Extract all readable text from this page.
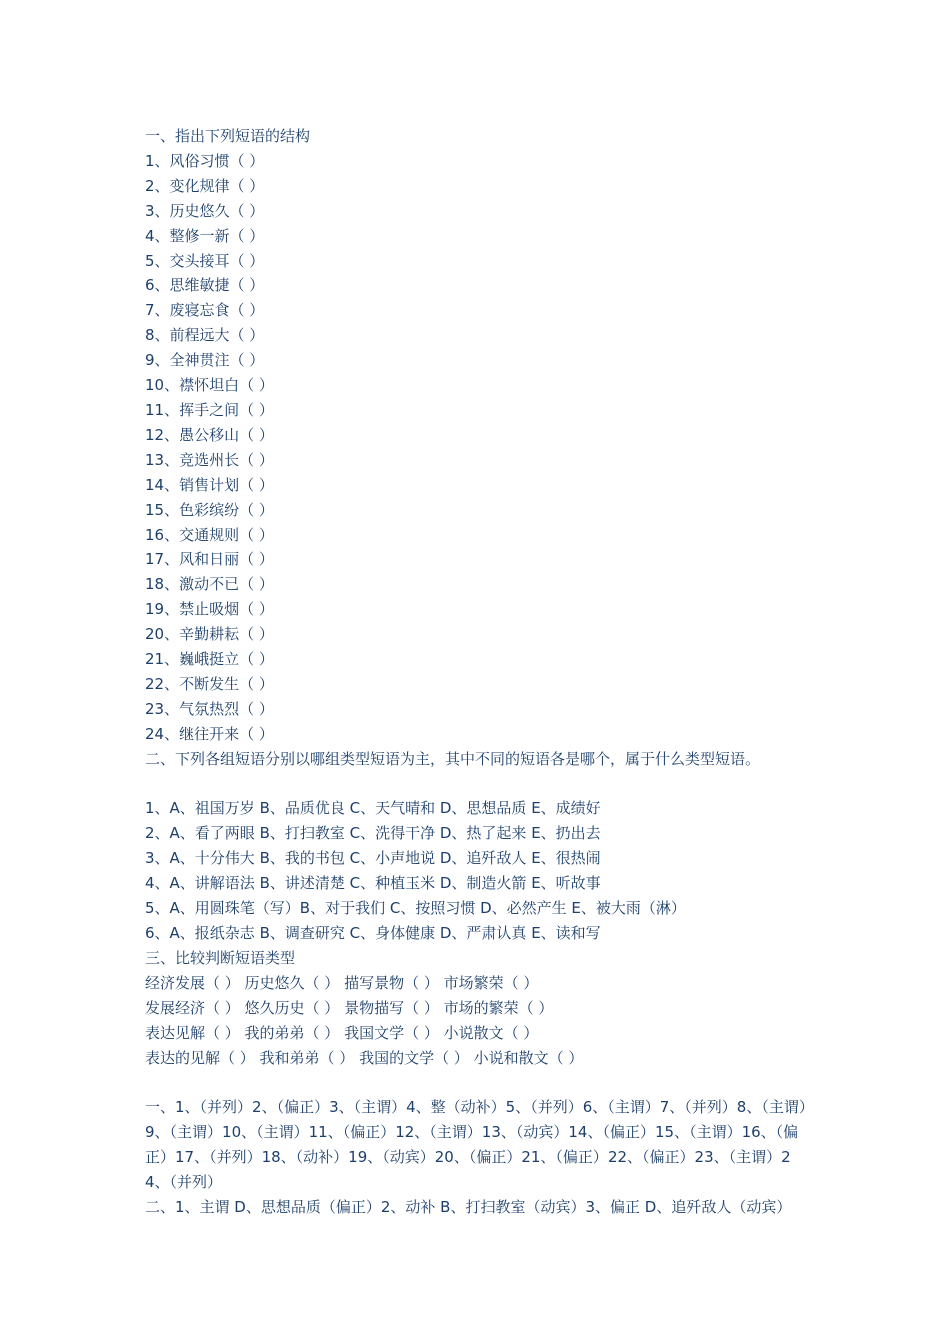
一、指出下列短语的结构
1、风俗习惯（ ）
2、变化规律（ ）
3、历史悠久（ ）
4、整修一新（ ）
5、交头接耳（ ）
6、思维敏捷（ ）
7、废寝忘食（ ）
8、前程远大（ ）
9、全神贯注（ ）
10、襟怀坦白（ ）
11、挥手之间（ ）
12、愚公移山（ ）
13、竞选州长（ ）
14、销售计划（ ）
15、色彩缤纷（ ）
16、交通规则（ ）
17、风和日丽（ ）
18、激动不已（ ）
19、禁止吸烟（ ）
20、辛勤耕耘（ ）
21、巍峨挺立（ ）
22、不断发生（ ）
23、气氛热烈（ ）
24、继往开来（ ）
二、下列各组短语分别以哪组类型短语为主，其中不同的短语各是哪个，属于什么类型短语。
1、A、祖国万岁 B、品质优良 C、天气晴和 D、思想品质 E、成绩好
2、A、看了两眼 B、打扫教室 C、洗得干净 D、热了起来 E、扔出去
3、A、十分伟大 B、我的书包 C、小声地说 D、追歼敌人 E、很热闹
4、A、讲解语法 B、讲述清楚 C、种植玉米 D、制造火箭 E、听故事
5、A、用圆珠笔（写）B、对于我们 C、按照习惯 D、必然产生 E、被大雨（淋）
6、A、报纸杂志 B、调查研究 C、身体健康 D、严肃认真 E、读和写
三、比较判断短语类型
经济发展（ ） 历史悠久（ ） 描写景物（ ） 市场繁荣（ ）
发展经济（ ） 悠久历史（ ） 景物描写（ ） 市场的繁荣（ ）
表达见解（ ） 我的弟弟（ ） 我国文学（ ） 小说散文（ ）
表达的见解（ ） 我和弟弟（ ） 我国的文学（ ） 小说和散文（ ）
一、1、（并列）2、（偏正）3、（主谓）4、整（动补）5、（并列）6、（主谓）7、（并列）8、（主谓）9、（主谓）10、（主谓）11、（偏正）12、（主谓）13、（动宾）14、（偏正）15、（主谓）16、（偏正）17、（并列）18、（动补）19、（动宾）20、（偏正）21、（偏正）22、（偏正）23、（主谓）24、（并列）
二、1、主谓 D、思想品质（偏正）2、动补 B、打扫教室（动宾）3、偏正 D、追歼敌人（动宾）
